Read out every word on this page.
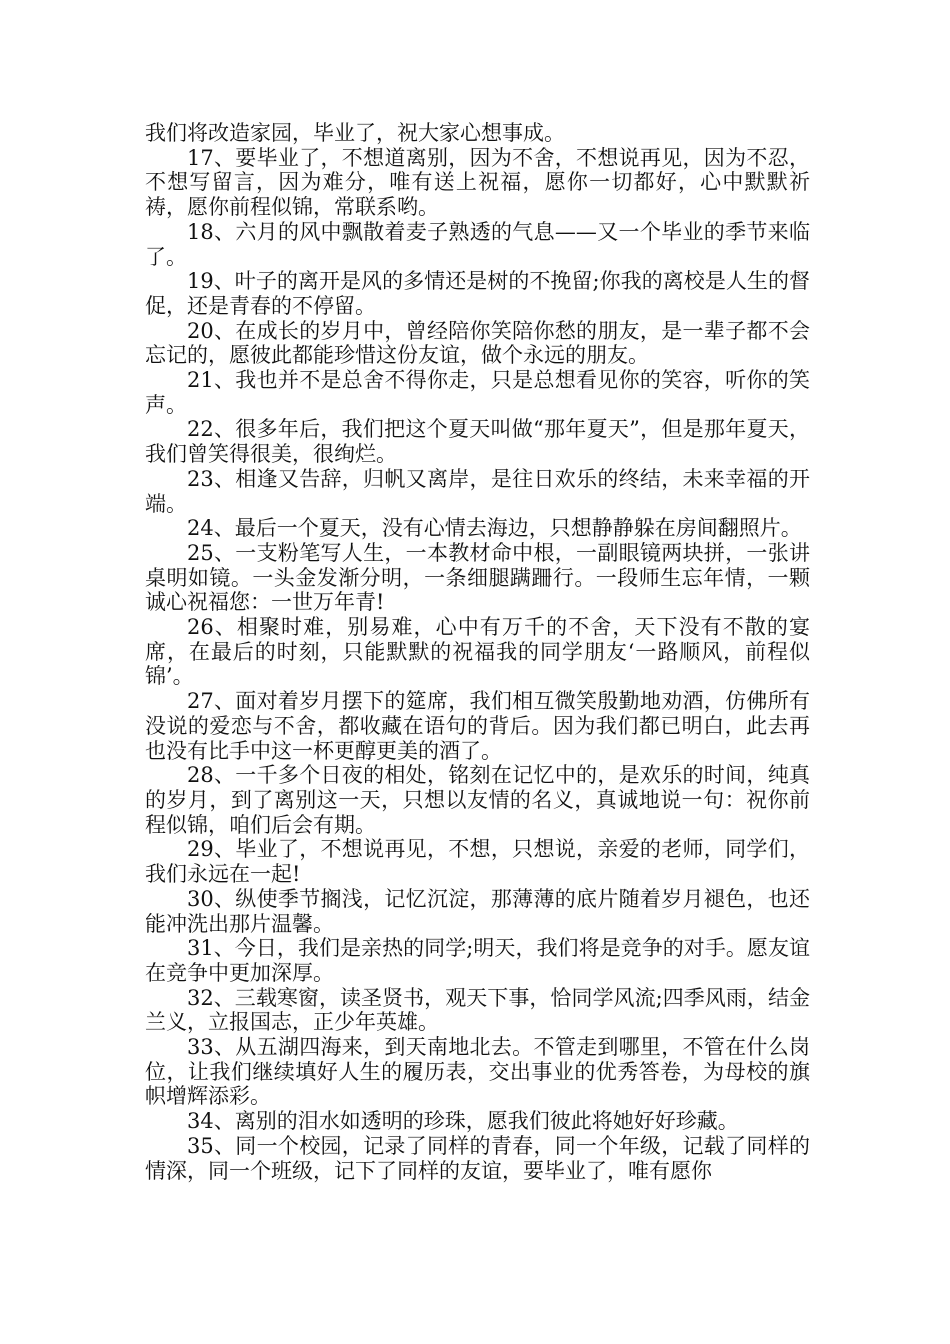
我们将改造家园，毕业了，祝大家心想事成。

17、要毕业了，不想道离别，因为不舍，不想说再见，因为不忍，不想写留言，因为难分，唯有送上祝福，愿你一切都好，心中默默祈祷，愿你前程似锦，常联系哟。

18、六月的风中飘散着麦子熟透的气息——又一个毕业的季节来临了。

19、叶子的离开是风的多情还是树的不挽留;你我的离校是人生的督促，还是青春的不停留。

20、在成长的岁月中，曾经陪你笑陪你愁的朋友，是一辈子都不会忘记的，愿彼此都能珍惜这份友谊，做个永远的朋友。

21、我也并不是总舍不得你走，只是总想看见你的笑容，听你的笑声。

22、很多年后，我们把这个夏天叫做“那年夏天”，但是那年夏天，我们曾笑得很美，很绚烂。

23、相逢又告辞，归帆又离岸，是往日欢乐的终结，未来幸福的开端。

24、最后一个夏天，没有心情去海边，只想静静躲在房间翻照片。

25、一支粉笔写人生，一本教材命中根，一副眼镜两块拼，一张讲桌明如镜。一头金发渐分明，一条细腿蹒跚行。一段师生忘年情，一颗诚心祝福您：一世万年青!

26、相聚时难，别易难，心中有万千的不舍，天下没有不散的宴席，在最后的时刻，只能默默的祝福我的同学朋友‘一路顺风，前程似锦’。

27、面对着岁月摆下的筵席，我们相互微笑殷勤地劝酒，仿佛所有没说的爱恋与不舍，都收藏在语句的背后。因为我们都已明白，此去再也没有比手中这一杯更醇更美的酒了。

28、一千多个日夜的相处，铭刻在记忆中的，是欢乐的时间，纯真的岁月，到了离别这一天，只想以友情的名义，真诚地说一句：祝你前程似锦，咱们后会有期。

29、毕业了，不想说再见，不想，只想说，亲爱的老师，同学们，我们永远在一起!

30、纵使季节搁浅，记忆沉淀，那薄薄的底片随着岁月褪色，也还能冲洗出那片温馨。

31、今日，我们是亲热的同学;明天，我们将是竞争的对手。愿友谊在竞争中更加深厚。

32、三载寒窗，读圣贤书，观天下事，恰同学风流;四季风雨，结金兰义，立报国志，正少年英雄。

33、从五湖四海来，到天南地北去。不管走到哪里，不管在什么岗位，让我们继续填好人生的履历表，交出事业的优秀答卷，为母校的旗帜增辉添彩。

34、离别的泪水如透明的珍珠，愿我们彼此将她好好珍藏。

35、同一个校园，记录了同样的青春，同一个年级，记载了同样的情深，同一个班级，记下了同样的友谊，要毕业了，唯有愿你
